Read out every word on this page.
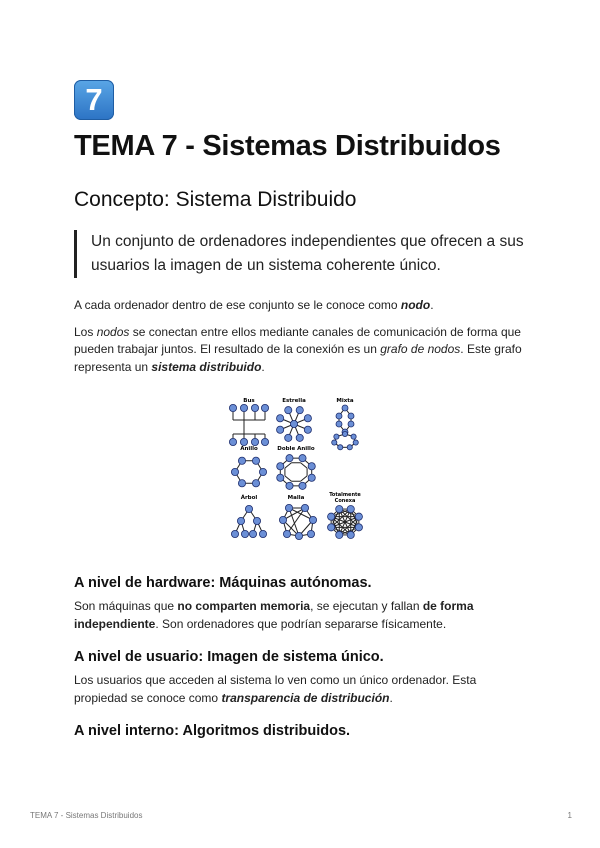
7
TEMA 7 - Sistemas Distribuidos
Concepto: Sistema Distribuido
Un conjunto de ordenadores independientes que ofrecen a sus usuarios la imagen de un sistema coherente único.

A cada ordenador dentro de ese conjunto se le conoce como nodo.

Los nodos se conectan entre ellos mediante canales de comunicación de forma que pueden trabajar juntos. El resultado de la conexión es un grafo de nodos. Este grafo representa un sistema distribuido.

Bus	Estrella	Mixta
Anillo	Doble Anillo
Árbol	Malla	Totalmente
Conexa
A nivel de hardware: Máquinas autónomas.

Son máquinas que no comparten memoria, se ejecutan y fallan de forma independiente. Son ordenadores que podrían separarse físicamente.

A nivel de usuario: Imagen de sistema único.

Los usuarios que acceden al sistema lo ven como un único ordenador. Esta propiedad se conoce como transparencia de distribución.

A nivel interno: Algoritmos distribuidos.
TEMA 7 - Sistemas Distribuidos	1
